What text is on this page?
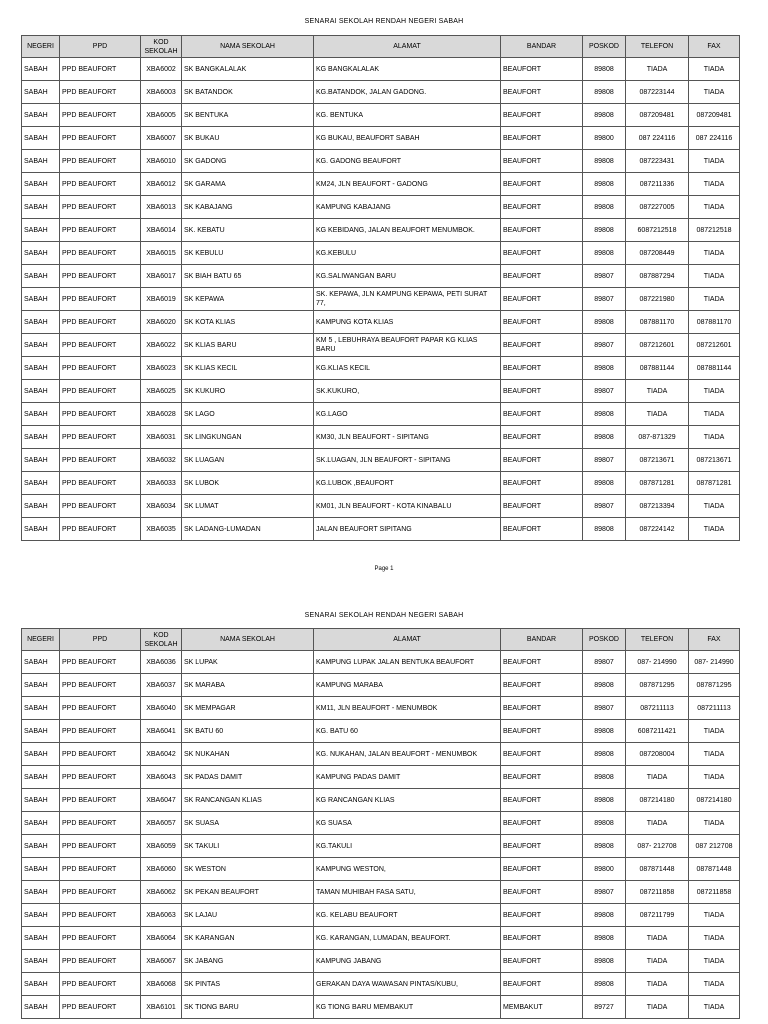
SENARAI SEKOLAH RENDAH NEGERI SABAH
NEGERI	PPD	KOD SEKOLAH	NAMA SEKOLAH	ALAMAT	BANDAR	POSKOD	TELEFON	FAX
SABAH	PPD BEAUFORT	XBA6002	SK BANGKALALAK	KG BANGKALALAK	BEAUFORT	89808	TIADA	TIADA
SABAH	PPD BEAUFORT	XBA6003	SK BATANDOK	KG.BATANDOK, JALAN GADONG.	BEAUFORT	89808	087223144	TIADA
SABAH	PPD BEAUFORT	XBA6005	SK BENTUKA	KG. BENTUKA	BEAUFORT	89808	087209481	087209481
SABAH	PPD BEAUFORT	XBA6007	SK BUKAU	KG BUKAU, BEAUFORT SABAH	BEAUFORT	89800	087 224116	087 224116
SABAH	PPD BEAUFORT	XBA6010	SK GADONG	KG. GADONG BEAUFORT	BEAUFORT	89808	087223431	TIADA
SABAH	PPD BEAUFORT	XBA6012	SK GARAMA	KM24, JLN BEAUFORT - GADONG	BEAUFORT	89808	087211336	TIADA
SABAH	PPD BEAUFORT	XBA6013	SK KABAJANG	KAMPUNG KABAJANG	BEAUFORT	89808	087227005	TIADA
SABAH	PPD BEAUFORT	XBA6014	SK. KEBATU	KG KEBIDANG, JALAN BEAUFORT MENUMBOK.	BEAUFORT	89808	6087212518	087212518
SABAH	PPD BEAUFORT	XBA6015	SK KEBULU	KG.KEBULU	BEAUFORT	89808	087208449	TIADA
SABAH	PPD BEAUFORT	XBA6017	SK BIAH BATU 65	KG.SALIWANGAN BARU	BEAUFORT	89807	087887294	TIADA
SABAH	PPD BEAUFORT	XBA6019	SK KEPAWA	SK. KEPAWA, JLN KAMPUNG KEPAWA, PETI SURAT 77,	BEAUFORT	89807	087221980	TIADA
SABAH	PPD BEAUFORT	XBA6020	SK KOTA KLIAS	KAMPUNG KOTA KLIAS	BEAUFORT	89808	087881170	087881170
SABAH	PPD BEAUFORT	XBA6022	SK KLIAS BARU	KM 5 , LEBUHRAYA BEAUFORT PAPAR KG KLIAS BARU	BEAUFORT	89807	087212601	087212601
SABAH	PPD BEAUFORT	XBA6023	SK KLIAS KECIL	KG.KLIAS KECIL	BEAUFORT	89808	087881144	087881144
SABAH	PPD BEAUFORT	XBA6025	SK KUKURO	SK.KUKURO,	BEAUFORT	89807	TIADA	TIADA
SABAH	PPD BEAUFORT	XBA6028	SK LAGO	KG.LAGO	BEAUFORT	89808	TIADA	TIADA
SABAH	PPD BEAUFORT	XBA6031	SK LINGKUNGAN	KM30, JLN BEAUFORT - SIPITANG	BEAUFORT	89808	087-871329	TIADA
SABAH	PPD BEAUFORT	XBA6032	SK LUAGAN	SK.LUAGAN, JLN BEAUFORT - SIPITANG	BEAUFORT	89807	087213671	087213671
SABAH	PPD BEAUFORT	XBA6033	SK LUBOK	KG.LUBOK ,BEAUFORT	BEAUFORT	89808	087871281	087871281
SABAH	PPD BEAUFORT	XBA6034	SK LUMAT	KM01, JLN BEAUFORT - KOTA KINABALU	BEAUFORT	89807	087213394	TIADA
SABAH	PPD BEAUFORT	XBA6035	SK LADANG-LUMADAN	JALAN BEAUFORT SIPITANG	BEAUFORT	89808	087224142	TIADA
Page 1
SENARAI SEKOLAH RENDAH NEGERI SABAH
NEGERI	PPD	KOD SEKOLAH	NAMA SEKOLAH	ALAMAT	BANDAR	POSKOD	TELEFON	FAX
SABAH	PPD BEAUFORT	XBA6036	SK LUPAK	KAMPUNG LUPAK JALAN BENTUKA BEAUFORT	BEAUFORT	89807	087- 214990	087- 214990
SABAH	PPD BEAUFORT	XBA6037	SK MARABA	KAMPUNG MARABA	BEAUFORT	89808	087871295	087871295
SABAH	PPD BEAUFORT	XBA6040	SK MEMPAGAR	KM11, JLN BEAUFORT - MENUMBOK	BEAUFORT	89807	087211113	087211113
SABAH	PPD BEAUFORT	XBA6041	SK BATU 60	KG. BATU 60	BEAUFORT	89808	6087211421	TIADA
SABAH	PPD BEAUFORT	XBA6042	SK NUKAHAN	KG. NUKAHAN, JALAN BEAUFORT - MENUMBOK	BEAUFORT	89808	087208004	TIADA
SABAH	PPD BEAUFORT	XBA6043	SK PADAS DAMIT	KAMPUNG PADAS DAMIT	BEAUFORT	89808	TIADA	TIADA
SABAH	PPD BEAUFORT	XBA6047	SK RANCANGAN KLIAS	KG RANCANGAN KLIAS	BEAUFORT	89808	087214180	087214180
SABAH	PPD BEAUFORT	XBA6057	SK SUASA	KG SUASA	BEAUFORT	89808	TIADA	TIADA
SABAH	PPD BEAUFORT	XBA6059	SK TAKULI	KG.TAKULI	BEAUFORT	89808	087- 212708	087 212708
SABAH	PPD BEAUFORT	XBA6060	SK WESTON	KAMPUNG WESTON,	BEAUFORT	89800	087871448	087871448
SABAH	PPD BEAUFORT	XBA6062	SK PEKAN BEAUFORT	TAMAN MUHIBAH FASA SATU,	BEAUFORT	89807	087211858	087211858
SABAH	PPD BEAUFORT	XBA6063	SK LAJAU	KG. KELABU BEAUFORT	BEAUFORT	89808	087211799	TIADA
SABAH	PPD BEAUFORT	XBA6064	SK KARANGAN	KG. KARANGAN, LUMADAN, BEAUFORT.	BEAUFORT	89808	TIADA	TIADA
SABAH	PPD BEAUFORT	XBA6067	SK JABANG	KAMPUNG JABANG	BEAUFORT	89808	TIADA	TIADA
SABAH	PPD BEAUFORT	XBA6068	SK PINTAS	GERAKAN DAYA WAWASAN PINTAS/KUBU,	BEAUFORT	89808	TIADA	TIADA
SABAH	PPD BEAUFORT	XBA6101	SK TIONG BARU	KG TIONG BARU MEMBAKUT	MEMBAKUT	89727	TIADA	TIADA
